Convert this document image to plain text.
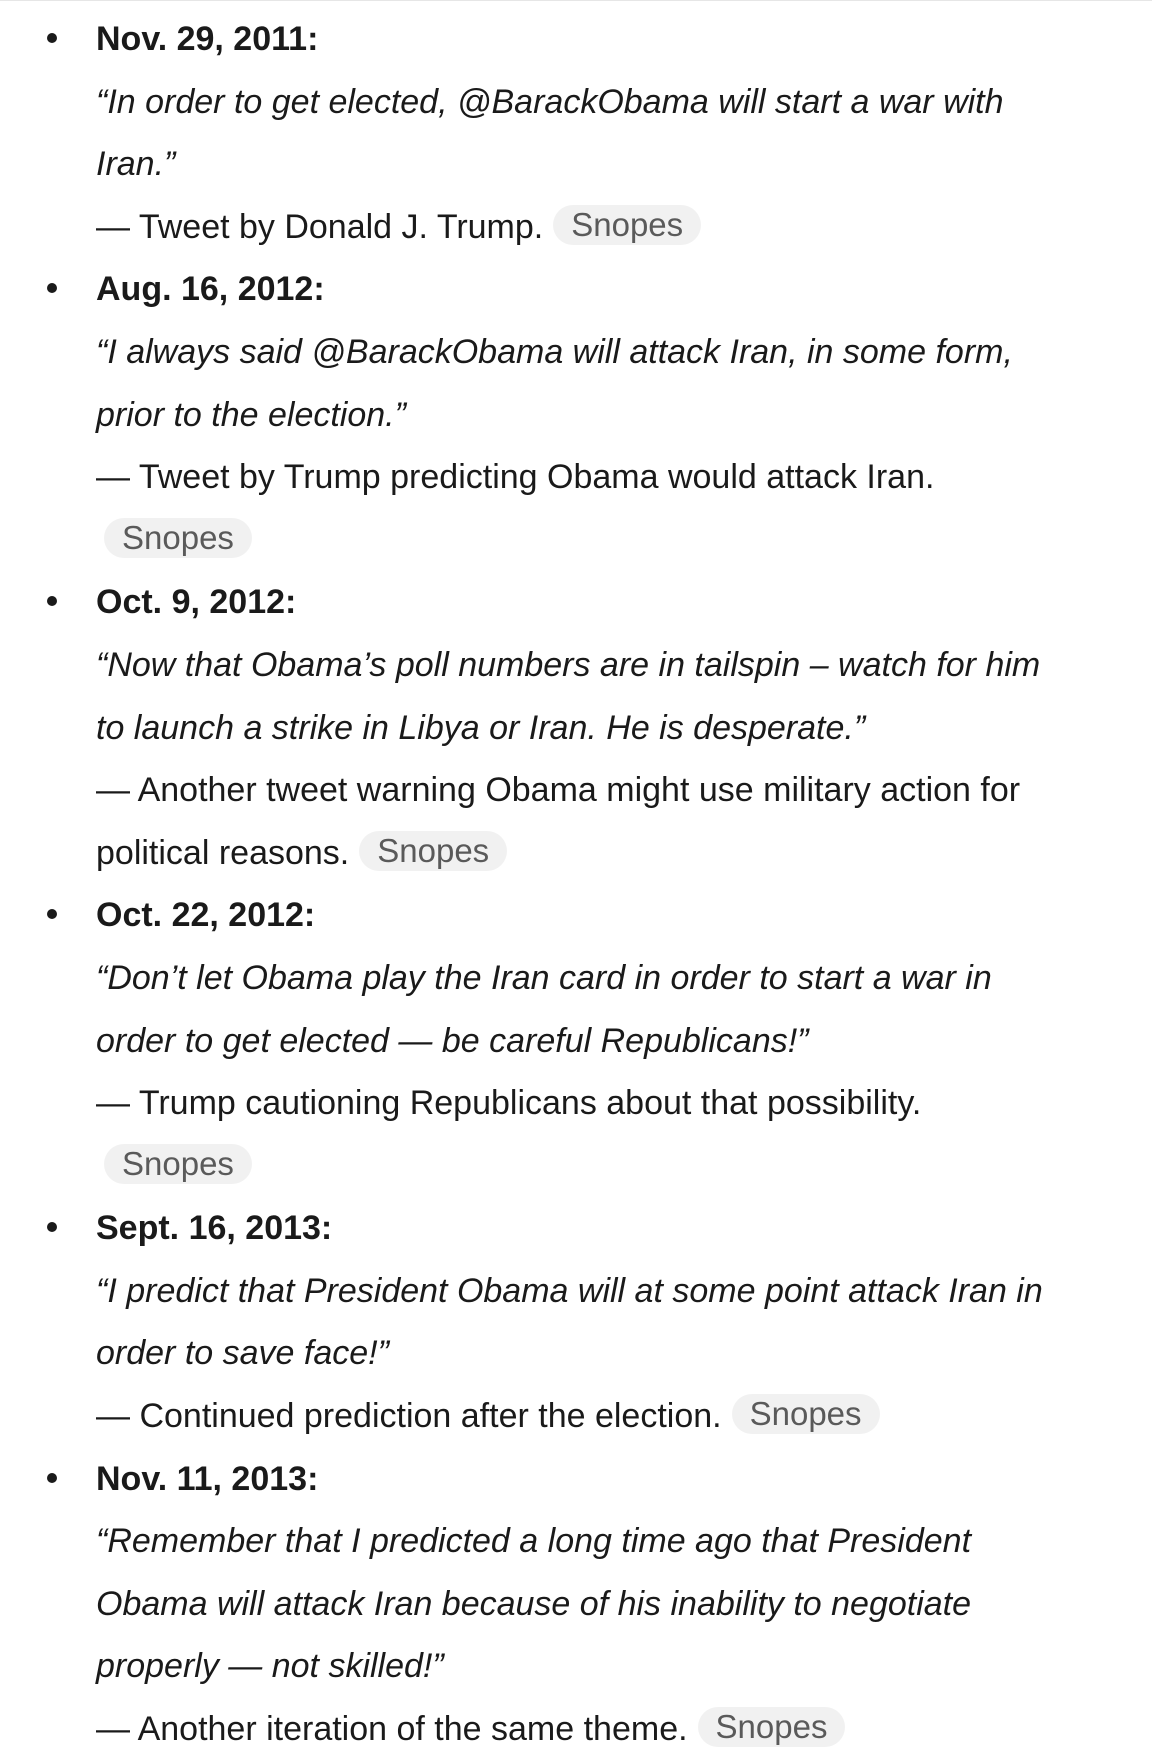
Nov. 29, 2011:
“In order to get elected, @BarackObama will start a war with Iran.”
— Tweet by Donald J. Trump. Snopes
Aug. 16, 2012:
“I always said @BarackObama will attack Iran, in some form, prior to the election.”
— Tweet by Trump predicting Obama would attack Iran.Snopes
Oct. 9, 2012:
“Now that Obama’s poll numbers are in tailspin – watch for him to launch a strike in Libya or Iran. He is desperate.”
— Another tweet warning Obama might use military action for political reasons. Snopes
Oct. 22, 2012:
“Don’t let Obama play the Iran card in order to start a war in order to get elected — be careful Republicans!”
— Trump cautioning Republicans about that possibility.Snopes
Sept. 16, 2013:
“I predict that President Obama will at some point attack Iran in order to save face!”
— Continued prediction after the election. Snopes
Nov. 11, 2013:
“Remember that I predicted a long time ago that President Obama will attack Iran because of his inability to negotiate properly — not skilled!”
— Another iteration of the same theme. Snopes
